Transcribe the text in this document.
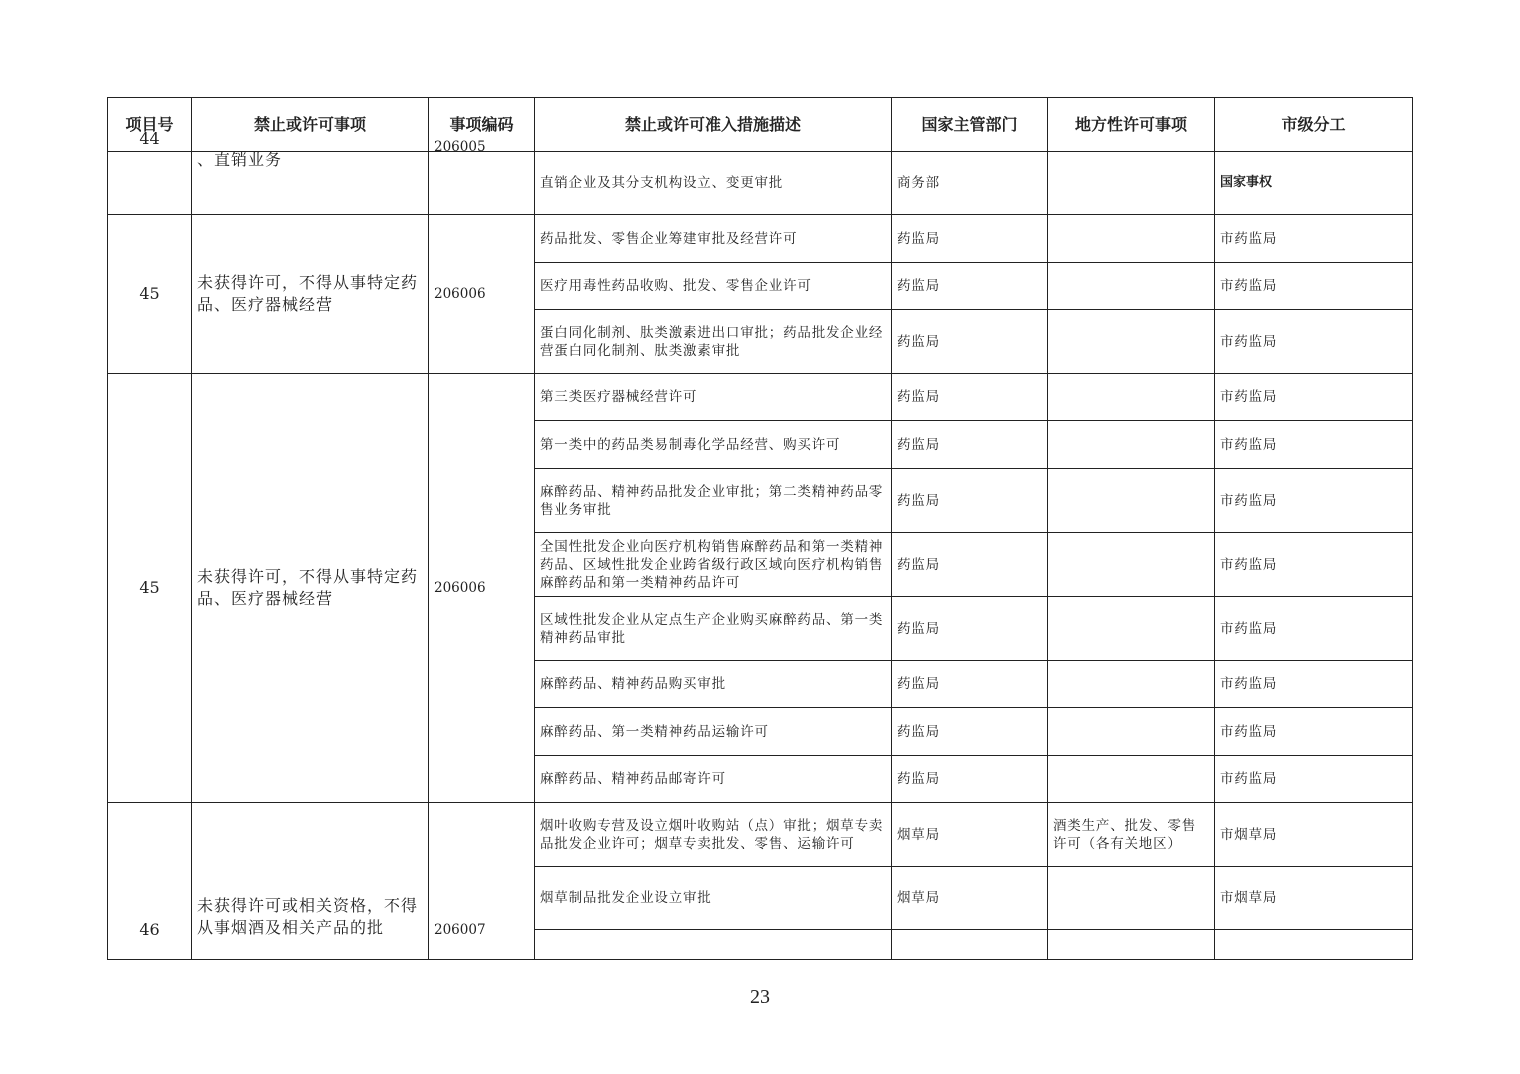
项目号	禁止或许可事项	事项编码	禁止或许可准入措施描述	国家主管部门	地方性许可事项	市级分工

44	、直销业务	206005	直销企业及其分支机构设立、变更审批	商务部		国家事权
45	未获得许可，不得从事特定药品、医疗器械经营	206006	药品批发、零售企业筹建审批及经营许可	药监局		市药监局
			医疗用毒性药品收购、批发、零售企业许可	药监局		市药监局
			蛋白同化制剂、肽类激素进出口审批；药品批发企业经营蛋白同化制剂、肽类激素审批	药监局		市药监局
45	未获得许可，不得从事特定药品、医疗器械经营	206006	第三类医疗器械经营许可	药监局		市药监局
			第一类中的药品类易制毒化学品经营、购买许可	药监局		市药监局
			麻醉药品、精神药品批发企业审批；第二类精神药品零售业务审批	药监局		市药监局
			全国性批发企业向医疗机构销售麻醉药品和第一类精神药品、区域性批发企业跨省级行政区域向医疗机构销售麻醉药品和第一类精神药品许可	药监局		市药监局
			区域性批发企业从定点生产企业购买麻醉药品、第一类精神药品审批	药监局		市药监局
			麻醉药品、精神药品购买审批	药监局		市药监局
			麻醉药品、第一类精神药品运输许可	药监局		市药监局
			麻醉药品、精神药品邮寄许可	药监局		市药监局

46	未获得许可或相关资格，不得从事烟酒及相关产品的批	206007	烟叶收购专营及设立烟叶收购站（点）审批；烟草专卖品批发企业许可；烟草专卖批发、零售、运输许可	烟草局	酒类生产、批发、零售许可（各有关地区）	市烟草局
			烟草制品批发企业设立审批	烟草局		市烟草局

23
